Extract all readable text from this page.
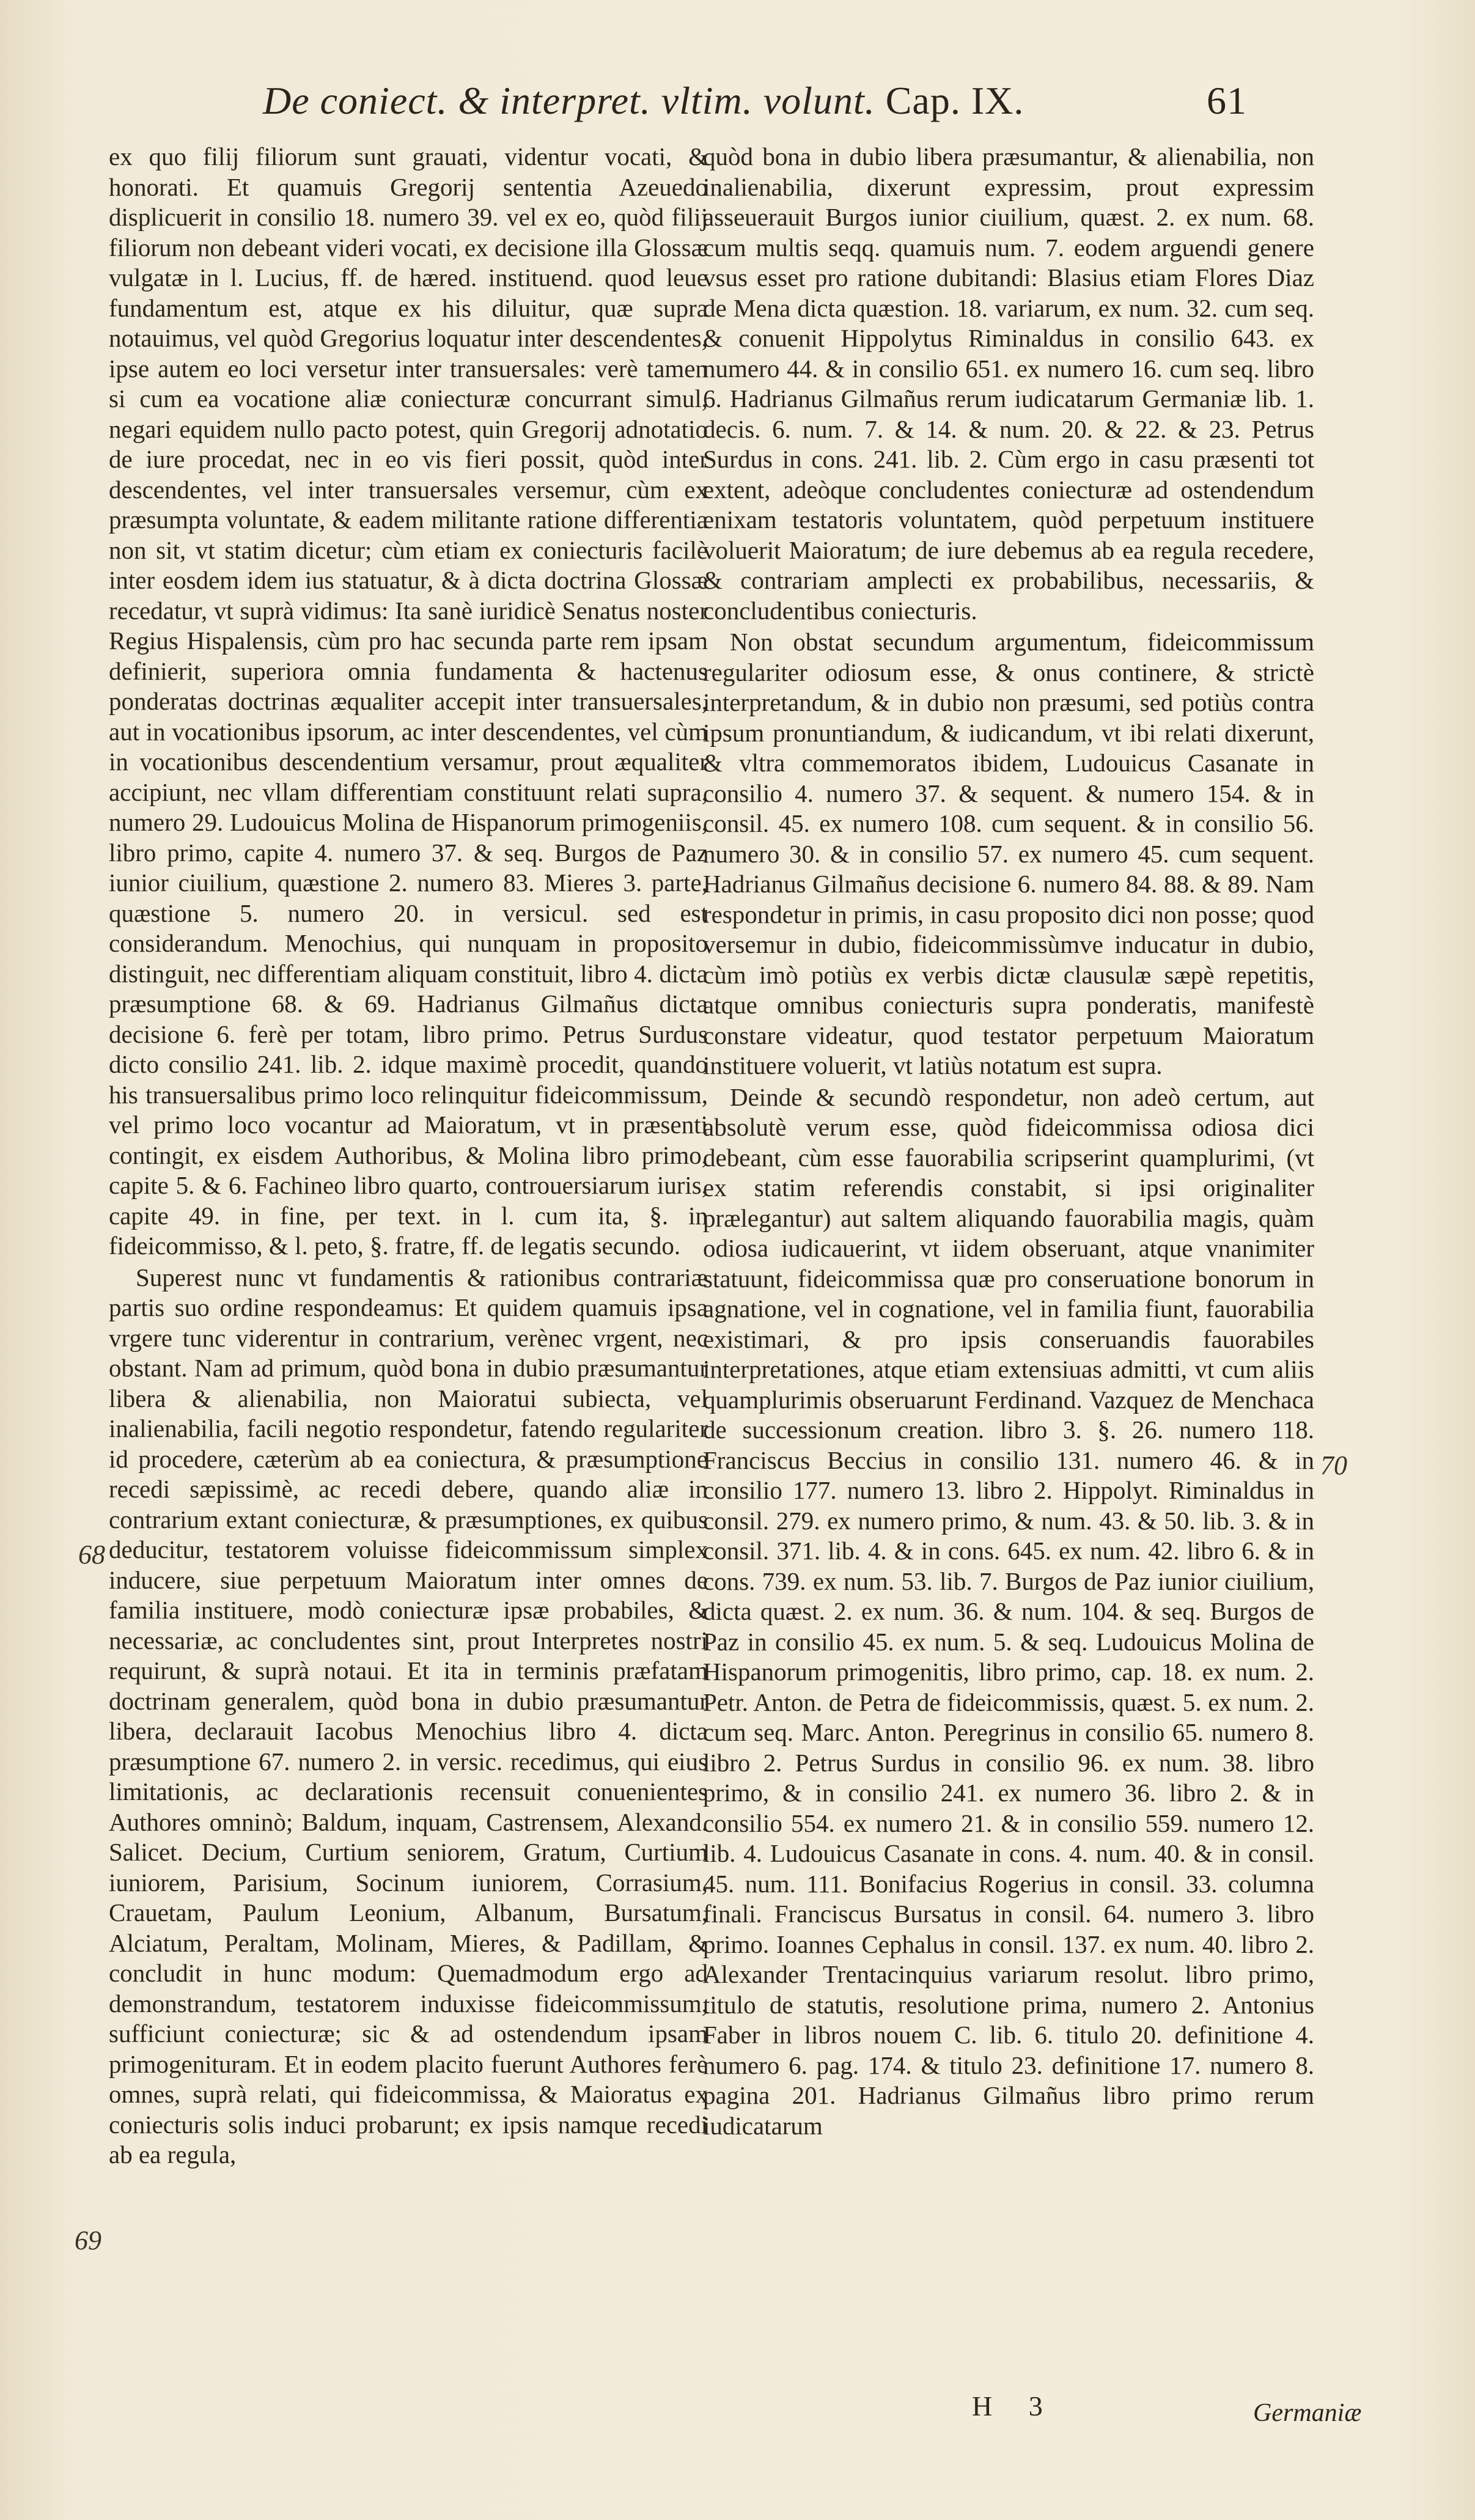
De coniect. & interpret. vltim. volunt. Cap. IX.	61

ex quo filij filiorum sunt grauati, videntur vocati, & honorati. Et quamuis Gregorij sententia Azeuedo displicuerit in consilio 18. numero 39. vel ex eo, quòd filij filiorum non debeant videri vocati, ex decisione illa Glossæ vulgatæ in l. Lucius, ff. de hæred. instituend. quod leue fundamentum est, atque ex his diluitur, quæ supra notauimus, vel quòd Gregorius loquatur inter descendentes, ipse autem eo loci versetur inter transuersales: verè tamen si cum ea vocatione aliæ coniecturæ concurrant simul, negari equidem nullo pacto potest, quin Gregorij adnotatio de iure procedat, nec in eo vis fieri possit, quòd inter descendentes, vel inter transuersales versemur, cùm ex præsumpta voluntate, & eadem militante ratione differentia non sit, vt statim dicetur; cùm etiam ex coniecturis facilè inter eosdem idem ius statuatur, & à dicta doctrina Glossæ recedatur, vt suprà vidimus: Ita sanè iuridicè Senatus noster Regius Hispalensis, cùm pro hac secunda parte rem ipsam definierit, superiora omnia fundamenta & hactenus ponderatas doctrinas æqualiter accepit inter transuersales, aut in vocationibus ipsorum, ac inter descendentes, vel cùm in vocationibus descendentium versamur, prout æqualiter accipiunt, nec vllam differentiam constituunt relati supra, numero 29. Ludouicus Molina de Hispanorum primogeniis, libro primo, capite 4. numero 37. & seq. Burgos de Paz iunior ciuilium, quæstione 2. numero 83. Mieres 3. parte, quæstione 5. numero 20. in versicul. sed est considerandum. Menochius, qui nunquam in proposito distinguit, nec differentiam aliquam constituit, libro 4. dicta præsumptione 68. & 69. Hadrianus Gilmañus dicta decisione 6. ferè per totam, libro primo. Petrus Surdus dicto consilio 241. lib. 2. idque maximè procedit, quando his transuersalibus primo loco relinquitur fideicommissum, vel primo loco vocantur ad Maioratum, vt in præsenti contingit, ex eisdem Authoribus, & Molina libro primo, capite 5. & 6. Fachineo libro quarto, controuersiarum iuris, capite 49. in fine, per text. in l. cum ita, §. in fideicommisso, & l. peto, §. fratre, ff. de legatis secundo.

Superest nunc vt fundamentis & rationibus contrariæ partis suo ordine respondeamus: Et quidem quamuis ipsa vrgere tunc viderentur in contrarium, verènec vrgent, nec obstant. Nam ad primum, quòd bona in dubio præsumantur libera & alienabilia, non Maioratui subiecta, vel inalienabilia, facili negotio respondetur, fatendo regulariter id procedere, cæterùm ab ea coniectura, & præsumptione recedi sæpissimè, ac recedi debere, quando aliæ in contrarium extant coniecturæ, & præsumptiones, ex quibus deducitur, testatorem voluisse fideicommissum simplex inducere, siue perpetuum Maioratum inter omnes de familia instituere, modò coniecturæ ipsæ probabiles, & necessariæ, ac concludentes sint, prout Interpretes nostri requirunt, & suprà notaui. Et ita in terminis præfatam doctrinam generalem, quòd bona in dubio præsumantur libera, declarauit Iacobus Menochius libro 4. dicta præsumptione 67. numero 2. in versic. recedimus, qui eius limitationis, ac declarationis recensuit conuenientes Authores omninò; Baldum, inquam, Castrensem, Alexand. Salicet. Decium, Curtium seniorem, Gratum, Curtium iuniorem, Parisium, Socinum iuniorem, Corrasium, Crauetam, Paulum Leonium, Albanum, Bursatum, Alciatum, Peraltam, Molinam, Mieres, & Padillam, & concludit in hunc modum: Quemadmodum ergo ad demonstrandum, testatorem induxisse fideicommissum, sufficiunt coniecturæ; sic & ad ostendendum ipsam primogenituram. Et in eodem placito fuerunt Authores ferè omnes, suprà relati, qui fideicommissa, & Maioratus ex coniecturis solis induci probarunt; ex ipsis namque recedi ab ea regula,

quòd bona in dubio libera præsumantur, & alienabilia, non inalienabilia, dixerunt expressim, prout expressim asseuerauit Burgos iunior ciuilium, quæst. 2. ex num. 68. cum multis seqq. quamuis num. 7. eodem arguendi genere vsus esset pro ratione dubitandi: Blasius etiam Flores Diaz de Mena dicta quæstion. 18. variarum, ex num. 32. cum seq. & conuenit Hippolytus Riminaldus in consilio 643. ex numero 44. & in consilio 651. ex numero 16. cum seq. libro 6. Hadrianus Gilmañus rerum iudicatarum Germaniæ lib. 1. decis. 6. num. 7. & 14. & num. 20. & 22. & 23. Petrus Surdus in cons. 241. lib. 2. Cùm ergo in casu præsenti tot extent, adeòque concludentes coniecturæ ad ostendendum enixam testatoris voluntatem, quòd perpetuum instituere voluerit Maioratum; de iure debemus ab ea regula recedere, & contrariam amplecti ex probabilibus, necessariis, & concludentibus coniecturis.

Non obstat secundum argumentum, fideicommissum regulariter odiosum esse, & onus continere, & strictè interpretandum, & in dubio non præsumi, sed potiùs contra ipsum pronuntiandum, & iudicandum, vt ibi relati dixerunt, & vltra commemoratos ibidem, Ludouicus Casanate in consilio 4. numero 37. & sequent. & numero 154. & in consil. 45. ex numero 108. cum sequent. & in consilio 56. numero 30. & in consilio 57. ex numero 45. cum sequent. Hadrianus Gilmañus decisione 6. numero 84. 88. & 89. Nam respondetur in primis, in casu proposito dici non posse; quod versemur in dubio, fideicommissùmve inducatur in dubio, cùm imò potiùs ex verbis dictæ clausulæ sæpè repetitis, atque omnibus coniecturis supra ponderatis, manifestè constare videatur, quod testator perpetuum Maioratum instituere voluerit, vt latiùs notatum est supra.

Deinde & secundò respondetur, non adeò certum, aut absolutè verum esse, quòd fideicommissa odiosa dici debeant, cùm esse fauorabilia scripserint quamplurimi, (vt ex statim referendis constabit, si ipsi originaliter prælegantur) aut saltem aliquando fauorabilia magis, quàm odiosa iudicauerint, vt iidem obseruant, atque vnanimiter statuunt, fideicommissa quæ pro conseruatione bonorum in agnatione, vel in cognatione, vel in familia fiunt, fauorabilia existimari, & pro ipsis conseruandis fauorabiles interpretationes, atque etiam extensiuas admitti, vt cum aliis quamplurimis obseruarunt Ferdinand. Vazquez de Menchaca de successionum creation. libro 3. §. 26. numero 118. Franciscus Beccius in consilio 131. numero 46. & in consilio 177. numero 13. libro 2. Hippolyt. Riminaldus in consil. 279. ex numero primo, & num. 43. & 50. lib. 3. & in consil. 371. lib. 4. & in cons. 645. ex num. 42. libro 6. & in cons. 739. ex num. 53. lib. 7. Burgos de Paz iunior ciuilium, dicta quæst. 2. ex num. 36. & num. 104. & seq. Burgos de Paz in consilio 45. ex num. 5. & seq. Ludouicus Molina de Hispanorum primogenitis, libro primo, cap. 18. ex num. 2. Petr. Anton. de Petra de fideicommissis, quæst. 5. ex num. 2. cum seq. Marc. Anton. Peregrinus in consilio 65. numero 8. libro 2. Petrus Surdus in consilio 96. ex num. 38. libro primo, & in consilio 241. ex numero 36. libro 2. & in consilio 554. ex numero 21. & in consilio 559. numero 12. lib. 4. Ludouicus Casanate in cons. 4. num. 40. & in consil. 45. num. 111. Bonifacius Rogerius in consil. 33. columna finali. Franciscus Bursatus in consil. 64. numero 3. libro primo. Ioannes Cephalus in consil. 137. ex num. 40. libro 2. Alexander Trentacinquius variarum resolut. libro primo, titulo de statutis, resolutione prima, numero 2. Antonius Faber in libros nouem C. lib. 6. titulo 20. definitione 4. numero 6. pag. 174. & titulo 23. definitione 17. numero 8. pagina 201. Hadrianus Gilmañus libro primo rerum iudicatarum

68
69
70
H 3	Germaniæ
